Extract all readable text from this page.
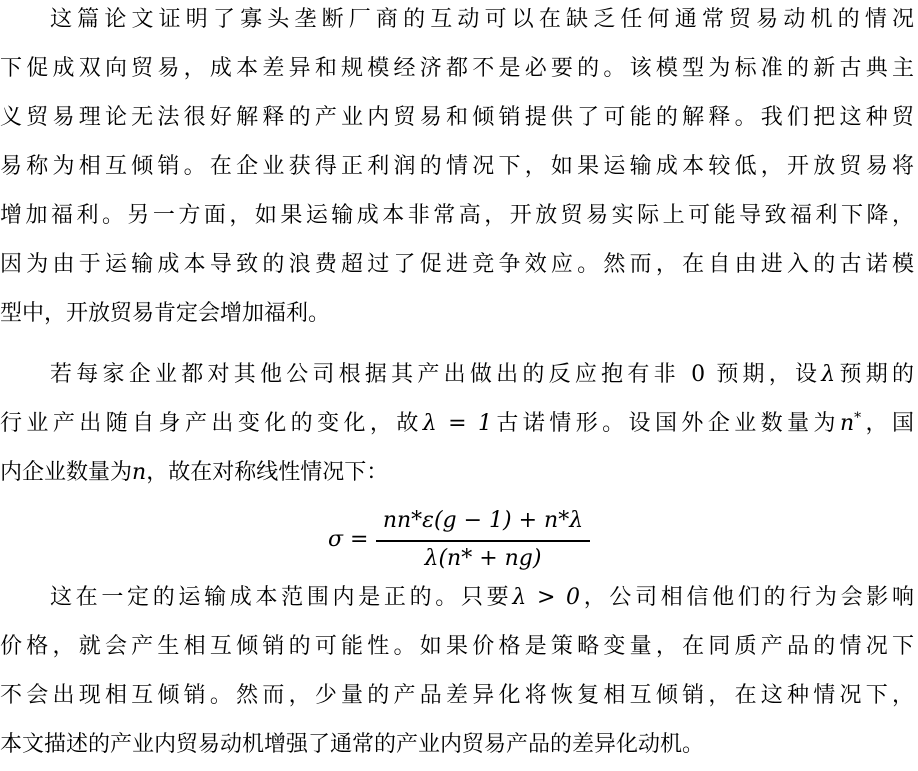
这篇论文证明了寡头垄断厂商的互动可以在缺乏任何通常贸易动机的情况
下促成双向贸易，成本差异和规模经济都不是必要的。该模型为标准的新古典主
义贸易理论无法很好解释的产业内贸易和倾销提供了可能的解释。我们把这种贸
易称为相互倾销。在企业获得正利润的情况下，如果运输成本较低，开放贸易将
增加福利。另一方面，如果运输成本非常高，开放贸易实际上可能导致福利下降，
因为由于运输成本导致的浪费超过了促进竞争效应。然而，在自由进入的古诺模
型中，开放贸易肯定会增加福利。
若每家企业都对其他公司根据其产出做出的反应抱有非 0 预期，设λ预期的
行业产出随自身产出变化的变化，故λ = 1古诺情形。设国外企业数量为n*，国
内企业数量为n，故在对称线性情况下：
σ =
nn*ε(g − 1) + n*λ
λ(n* + ng)
这在一定的运输成本范围内是正的。只要λ > 0，公司相信他们的行为会影响
价格，就会产生相互倾销的可能性。如果价格是策略变量，在同质产品的情况下
不会出现相互倾销。然而，少量的产品差异化将恢复相互倾销，在这种情况下，
本文描述的产业内贸易动机增强了通常的产业内贸易产品的差异化动机。
